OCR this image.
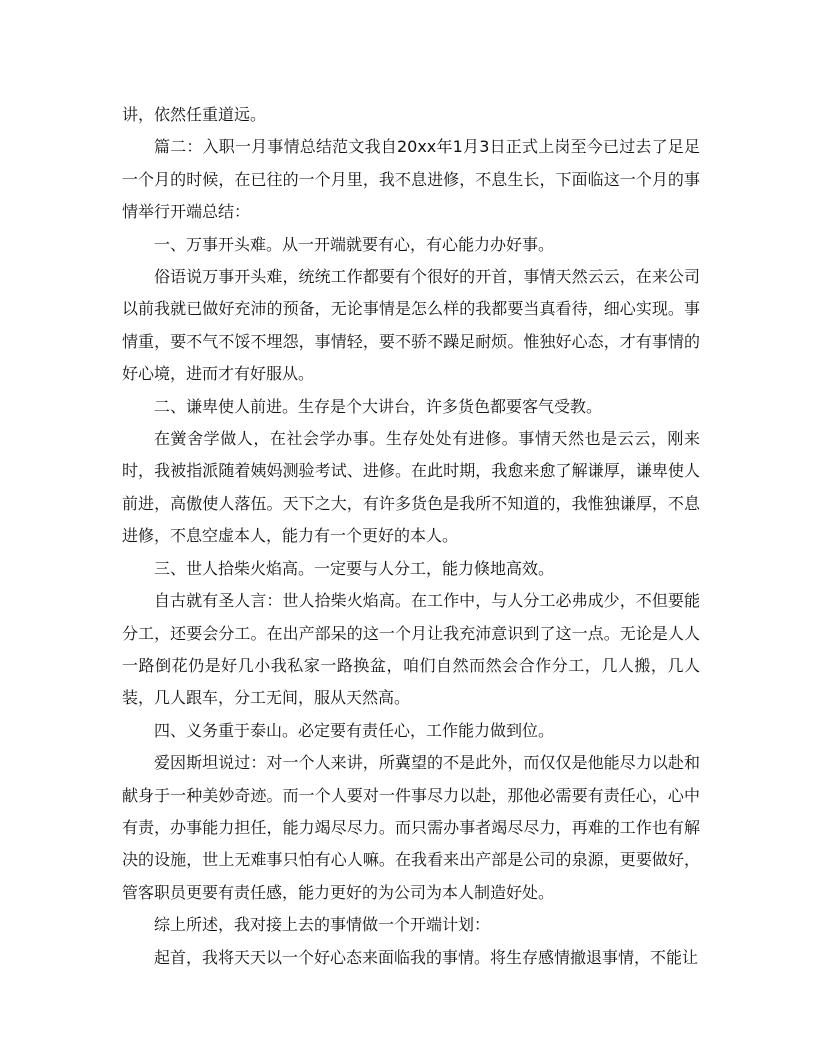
讲，依然任重道远。

篇二：入职一月事情总结范文我自20xx年1月3日正式上岗至今已过去了足足一个月的时候，在已往的一个月里，我不息进修，不息生长，下面临这一个月的事情举行开端总结：

一、万事开头难。从一开端就要有心，有心能力办好事。

俗语说万事开头难，统统工作都要有个很好的开首，事情天然云云，在来公司以前我就已做好充沛的预备，无论事情是怎么样的我都要当真看待，细心实现。事情重，要不气不馁不埋怨，事情轻，要不骄不躁足耐烦。惟独好心态，才有事情的好心境，进而才有好服从。

二、谦卑使人前进。生存是个大讲台，许多货色都要客气受教。

在黉舍学做人，在社会学办事。生存处处有进修。事情天然也是云云，刚来时，我被指派随着姨妈测验考试、进修。在此时期，我愈来愈了解谦厚，谦卑使人前进，高傲使人落伍。天下之大，有许多货色是我所不知道的，我惟独谦厚，不息进修，不息空虚本人，能力有一个更好的本人。

三、世人拾柴火焰高。一定要与人分工，能力倏地高效。

自古就有圣人言：世人拾柴火焰高。在工作中，与人分工必弗成少，不但要能分工，还要会分工。在出产部呆的这一个月让我充沛意识到了这一点。无论是人人一路倒花仍是好几小我私家一路换盆，咱们自然而然会合作分工，几人搬，几人装，几人跟车，分工无间，服从天然高。

四、义务重于泰山。必定要有责任心，工作能力做到位。

爱因斯坦说过：对一个人来讲，所冀望的不是此外，而仅仅是他能尽力以赴和献身于一种美妙奇迹。而一个人要对一件事尽力以赴，那他必需要有责任心，心中有责，办事能力担任，能力竭尽尽力。而只需办事者竭尽尽力，再难的工作也有解决的设施，世上无难事只怕有心人嘛。在我看来出产部是公司的泉源，更要做好，管客职员更要有责任感，能力更好的为公司为本人制造好处。

综上所述，我对接上去的事情做一个开端计划：

起首，我将天天以一个好心态来面临我的事情。将生存感情撤退事情，不能让
